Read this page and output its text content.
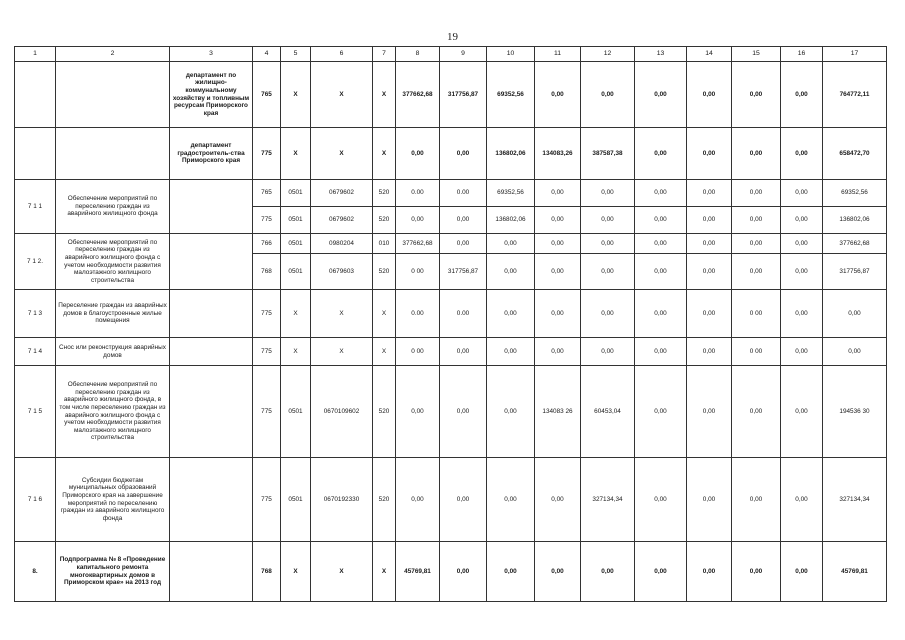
19
1	2	3	4	5	6	7	8	9	10	11	12	13	14	15	16	17
		департамент по жилищно-коммунальному хозяйству и топливным ресурсам Приморского края	765	X	X	X	377662,68	317756,87	69352,56	0,00	0,00	0,00	0,00	0,00	0,00	764772,11
		департамент градостроитель-ства Приморского края	775	X	X	X	0,00	0,00	136802,06	134083,26	387587,38	0,00	0,00	0,00	0,00	658472,70
7 1 1	Обеспечение мероприятий по переселению граждан из аварийного жилищного фонда		765	0501	0679602	520	0.00	0.00	69352,56	0,00	0,00	0,00	0,00	0,00	0,00	69352,56
			775	0501	0679602	520	0,00	0,00	136802,06	0,00	0,00	0,00	0,00	0,00	0,00	136802,06
7 1 2.	Обеспечение мероприятий по переселению граждан из аварийного жилищного фонда с учетом необходимости развития малоэтажного жилищного строительства		766	0501	0980204	010	377662,68	0,00	0,00	0,00	0,00	0,00	0,00	0,00	0,00	377662,68
			768	0501	0679603	520	0 00	317756,87	0,00	0,00	0,00	0,00	0,00	0,00	0,00	317756,87
7 1 3	Переселение граждан из аварийных домов в благоустроенные жилые помещения		775	X	X	X	0.00	0.00	0,00	0,00	0,00	0,00	0,00	0 00	0,00	0,00
7 1 4	Снос или реконструкция аварийных домов		775	X	X	X	0 00	0,00	0,00	0,00	0,00	0,00	0,00	0 00	0,00	0,00
7 1 5	Обеспечение мероприятий по переселению граждан из аварийного жилищного фонда, в том числе переселению граждан из аварийного жилищного фонда с учетом необходимости развития малоэтажного жилищного строительства		775	0501	0670109602	520	0,00	0,00	0,00	134083 26	60453,04	0,00	0,00	0,00	0,00	194536 30
7 1 6	Субсидии бюджетам муниципальных образований Приморского края на завершение мероприятий по переселению граждан из аварийного жилищного фонда		775	0501	0670192330	520	0,00	0,00	0,00	0,00	327134,34	0,00	0,00	0,00	0,00	327134,34
8.	Подпрограмма № 8 «Проведение капитального ремонта многоквартирных домов в Приморском крае» на 2013 год		768	X	X	X	45769,81	0,00	0,00	0,00	0,00	0,00	0,00	0,00	0,00	45769,81
